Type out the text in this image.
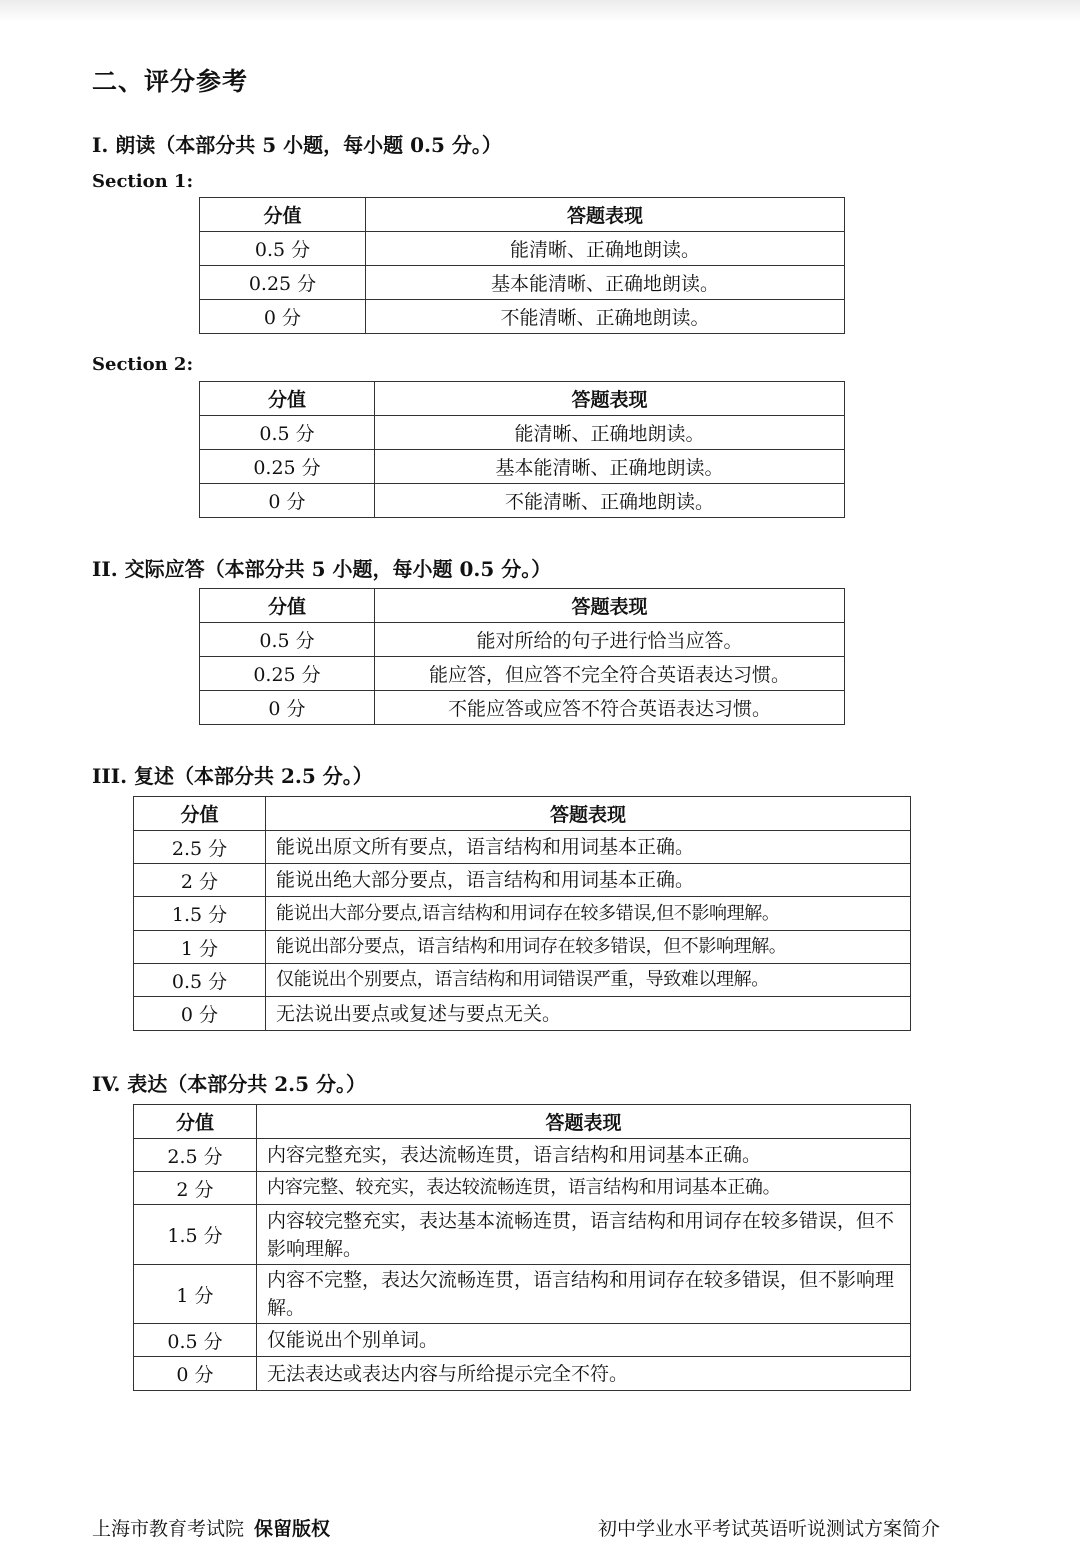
二、评分参考
I. 朗读（本部分共 5 小题，每小题 0.5 分。）
Section 1:
分值	答题表现
0.5 分	能清晰、正确地朗读。
0.25 分	基本能清晰、正确地朗读。
0 分	不能清晰、正确地朗读。
Section 2:
分值	答题表现
0.5 分	能清晰、正确地朗读。
0.25 分	基本能清晰、正确地朗读。
0 分	不能清晰、正确地朗读。
II. 交际应答（本部分共 5 小题，每小题 0.5 分。）
分值	答题表现
0.5 分	能对所给的句子进行恰当应答。
0.25 分	能应答，但应答不完全符合英语表达习惯。
0 分	不能应答或应答不符合英语表达习惯。
III. 复述（本部分共 2.5 分。）
分值	答题表现
2.5 分	能说出原文所有要点，语言结构和用词基本正确。
2 分	能说出绝大部分要点，语言结构和用词基本正确。
1.5 分	能说出大部分要点,语言结构和用词存在较多错误,但不影响理解。
1 分	能说出部分要点，语言结构和用词存在较多错误，但不影响理解。
0.5 分	仅能说出个别要点，语言结构和用词错误严重，导致难以理解。
0 分	无法说出要点或复述与要点无关。
IV. 表达（本部分共 2.5 分。）
分值	答题表现
2.5 分	内容完整充实，表达流畅连贯，语言结构和用词基本正确。
2 分	内容完整、较充实，表达较流畅连贯，语言结构和用词基本正确。
1.5 分	内容较完整充实，表达基本流畅连贯，语言结构和用词存在较多错误，但不影响理解。
1 分	内容不完整，表达欠流畅连贯，语言结构和用词存在较多错误，但不影响理解。
0.5 分	仅能说出个别单词。
0 分	无法表达或表达内容与所给提示完全不符。
上海市教育考试院 保留版权	初中学业水平考试英语听说测试方案简介
